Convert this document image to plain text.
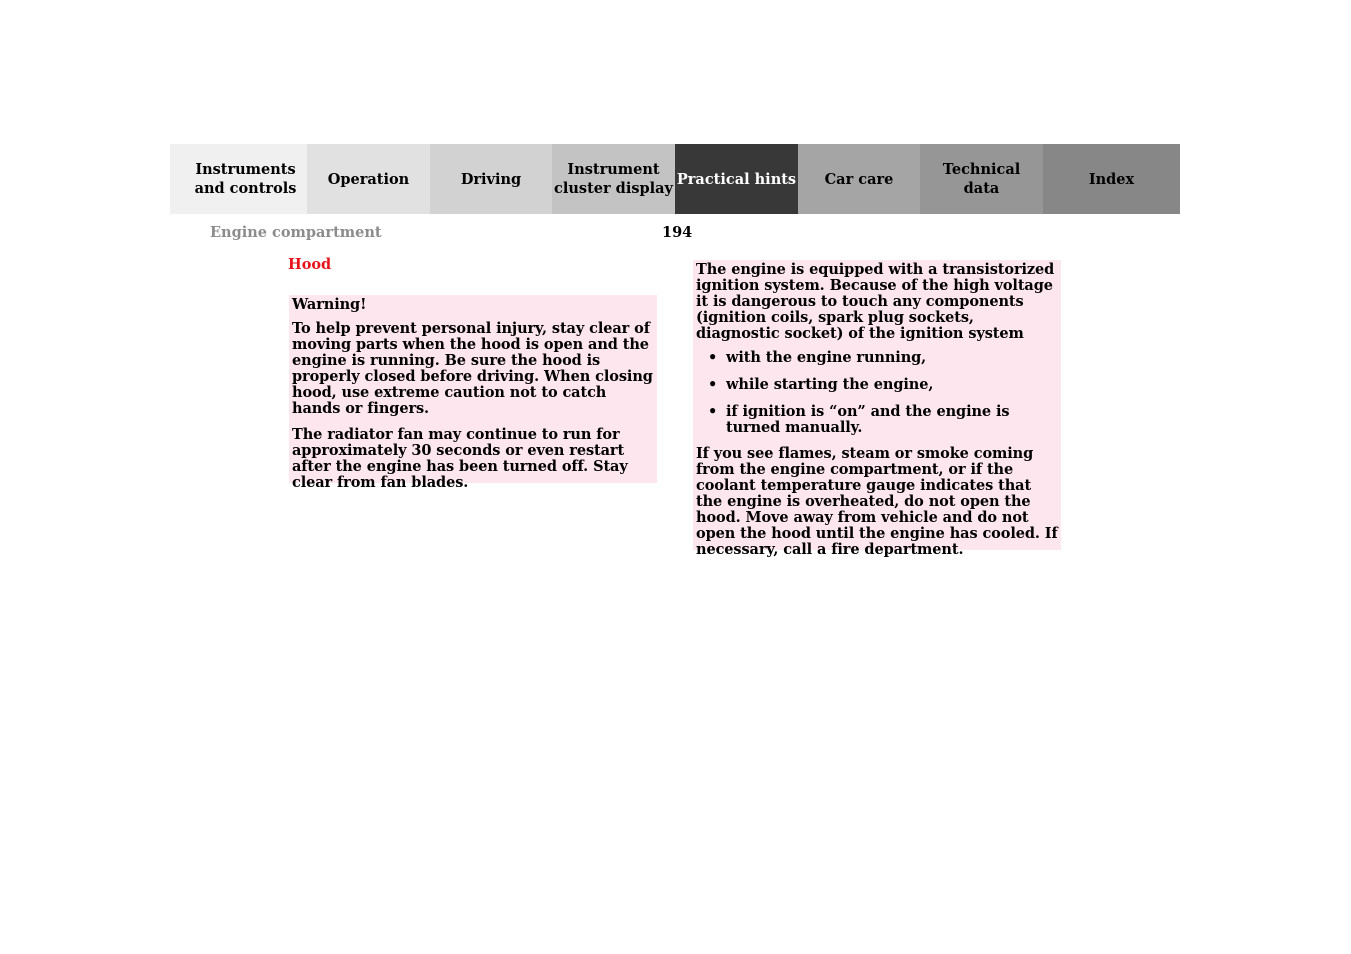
Instruments
and controls
Operation	Driving
Instrument
cluster display
Practical hints Car care
Technical
data
Index
Engine compartment	194
Hood

Warning!

To help prevent personal injury, stay clear of moving parts when the hood is open and the engine is running. Be sure the hood is properly closed before driving. When closing hood, use extreme caution not to catch hands or fingers.

The radiator fan may continue to run for approximately 30 seconds or even restart after the engine has been turned off. Stay clear from fan blades.

The engine is equipped with a transistorized ignition system. Because of the high voltage it is dangerous to touch any components (ignition coils, spark plug sockets, diagnostic socket) of the ignition system

• with the engine running,
• while starting the engine,
• if ignition is “on” and the engine is turned manually.

If you see flames, steam or smoke coming from the engine compartment, or if the coolant temperature gauge indicates that the engine is overheated, do not open the hood. Move away from vehicle and do not open the hood until the engine has cooled. If necessary, call a fire department.
